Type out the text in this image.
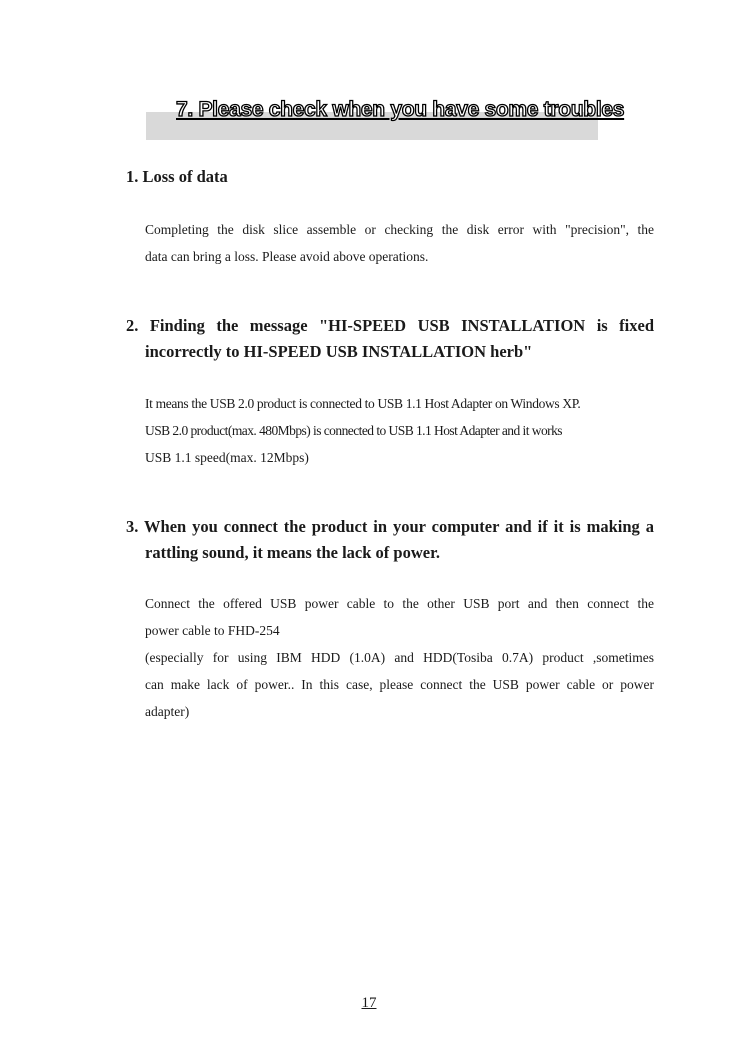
7. Please check when you have some troubles

1. Loss of data

Completing the disk slice assemble or checking the disk error with "precision", the
data can bring a loss. Please avoid above operations.

2. Finding the message "HI-SPEED USB INSTALLATION is fixed

incorrectly to HI-SPEED USB INSTALLATION herb"

It means the USB 2.0 product is connected to USB 1.1 Host Adapter on Windows XP.
USB 2.0 product(max. 480Mbps) is connected to USB 1.1 Host Adapter and it works
USB 1.1 speed(max. 12Mbps)

3. When you connect the product in your computer and if it is making a

rattling sound, it means the lack of power.

Connect the offered USB power cable to the other USB port and then connect the
power cable to FHD-254
(especially for using IBM HDD (1.0A) and HDD(Tosiba 0.7A) product ,sometimes
can make lack of power.. In this case, please connect the USB power cable or power
adapter)
17
